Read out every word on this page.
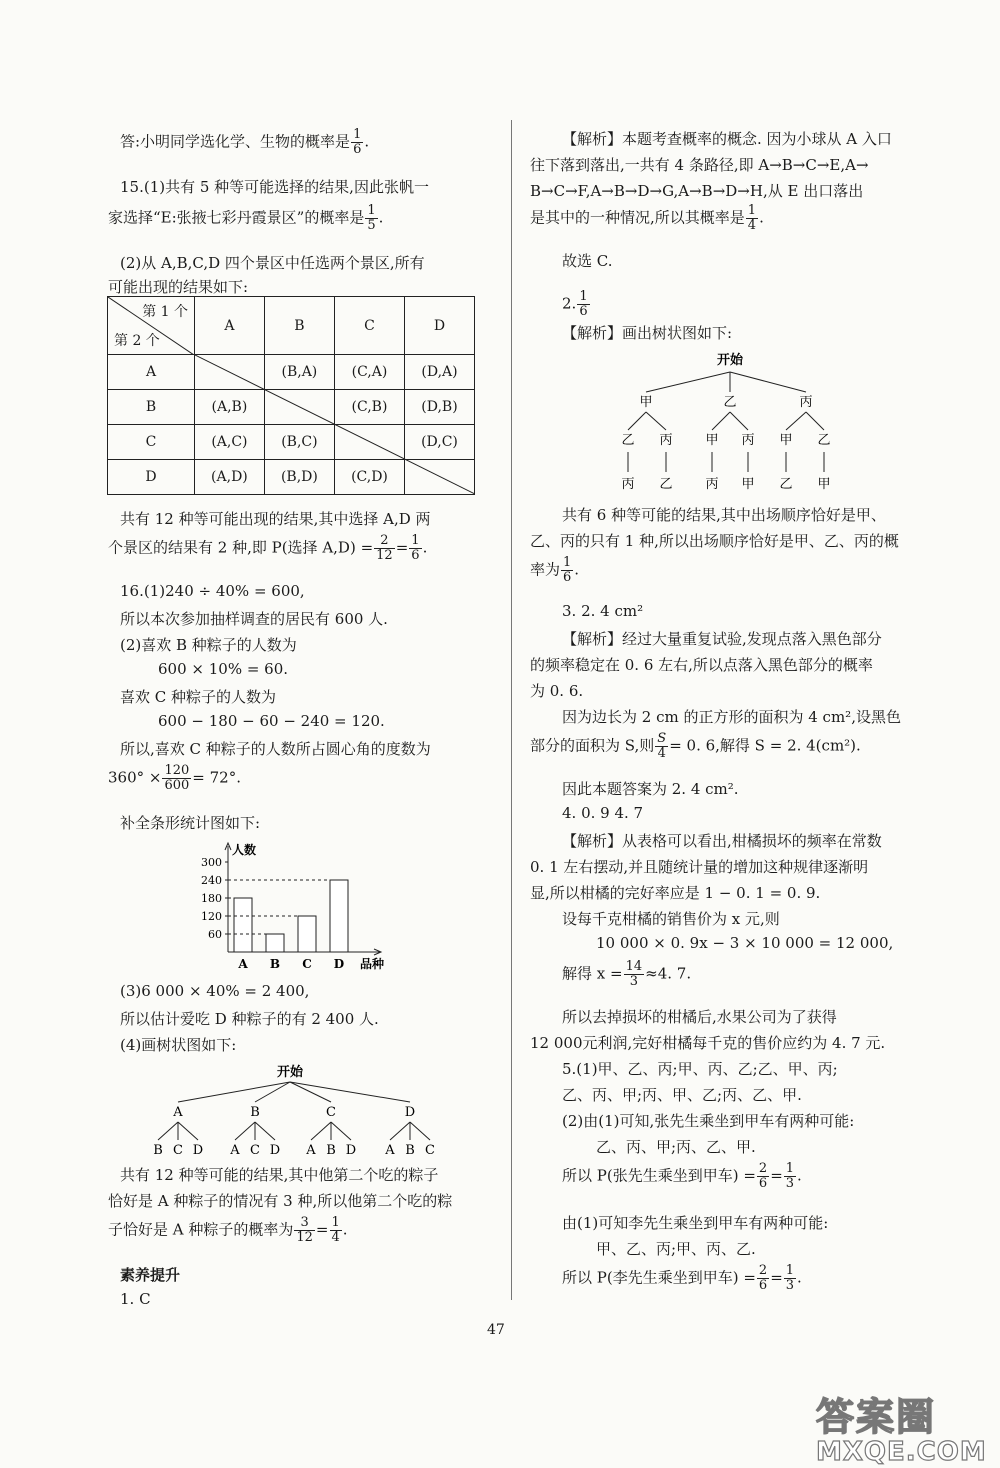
答:小明同学选化学、生物的概率是 $\frac{1}{6}$ .
15.(1)共有 5 种等可能选择的结果,因此张帆一
家选择“E:张掖七彩丹霞景区”的概率是 $\frac{1}{5}$ .
(2)从 A,B,C,D 四个景区中任选两个景区,所有
可能出现的结果如下:
第 1 个
第 2 个	A	B	C	D
A		(B,A)	(C,A)	(D,A)
B	(A,B)		(C,B)	(D,B)
C	(A,C)	(B,C)		(D,C)
D	(A,D)	(B,D)	(C,D)	
共有 12 种等可能出现的结果,其中选择 A,D 两
个景区的结果有 2 种,即 P(选择 $A,D) = \frac{2}{12} = \frac{1}{6}$ .
16.(1)240 ÷ 40% = 600,
所以本次参加抽样调查的居民有 600 人.
(2)喜欢 B 种粽子的人数为
600 × 10% = 60.
喜欢 C 种粽子的人数为
600 − 180 − 60 − 240 = 120.
所以,喜欢 C 种粽子的人数所占圆心角的度数为
$360^\circ \times \frac{120}{600} = 72^\circ$.
补全条形统计图如下:
人数
品种
60
120
180
240
300
A B C D
(3)6 000 × 40% = 2 400,
所以估计爱吃 D 种粽子的有 2 400 人.
(4)画树状图如下:
开始
A	B	C	D
B C D A C D A B D A B C
共有 12 种等可能的结果,其中他第二个吃的粽子
恰好是 A 种粽子的情况有 3 种,所以他第二个吃的粽
子恰好是 A 种粽子的概率为 $\frac{3}{12} = \frac{1}{4}$ .
素养提升
1. C
【解析】本题考查概率的概念. 因为小球从 A 入口
往下落到落出,一共有 4 条路径,即 A→B→C→E,A→
B→C→F,A→B→D→G,A→B→D→H,从 E 出口落出
是其中的一种情况,所以其概率是 $\frac{1}{4}$ .
故选 C.
2. $\frac{1}{6}$
【解析】画出树状图如下:
开始
甲	乙	丙
乙 丙	甲 丙 甲 乙
丙 乙	丙 甲 乙 甲
共有 6 种等可能的结果,其中出场顺序恰好是甲、
乙、丙的只有 1 种,所以出场顺序恰好是甲、乙、丙的概
率为 $\frac{1}{6}$ .
3. 2. 4 cm²
【解析】经过大量重复试验,发现点落入黑色部分
的频率稳定在 0. 6 左右,所以点落入黑色部分的概率
为 0. 6.
因为边长为 2 cm 的正方形的面积为 4 cm²,设黑色
部分的面积为 S,则 $\frac{S}{4} = 0$. 6,解得 S = 2. 4(cm²).
因此本题答案为 2. 4 cm².
4. 0. 9 4. 7
【解析】从表格可以看出,柑橘损坏的频率在常数
0. 1 左右摆动,并且随统计量的增加这种规律逐渐明
显,所以柑橘的完好率应是 1 − 0. 1 = 0. 9.
设每千克柑橘的销售价为 x 元,则
10 000 × 0. 9x − 3 × 10 000 = 12 000,
解得 $x = \frac{14}{3} \approx 4$. 7.
所以去掉损坏的柑橘后,水果公司为了获得
12 000元利润,完好柑橘每千克的售价应约为 4. 7 元.
5.(1)甲、乙、丙;甲、丙、乙;乙、甲、丙;
乙、丙、甲;丙、甲、乙;丙、乙、甲.
(2)由(1)可知,张先生乘坐到甲车有两种可能:
乙、丙、甲;丙、乙、甲.
所以 P(张先生乘坐到甲车) = $\frac{2}{6} = \frac{1}{3}$ .
由(1)可知李先生乘坐到甲车有两种可能:
甲、乙、丙;甲、丙、乙.
所以 P(李先生乘坐到甲车) = $\frac{2}{6} = \frac{1}{3}$ .
47
答案圈
MXQE.COM
